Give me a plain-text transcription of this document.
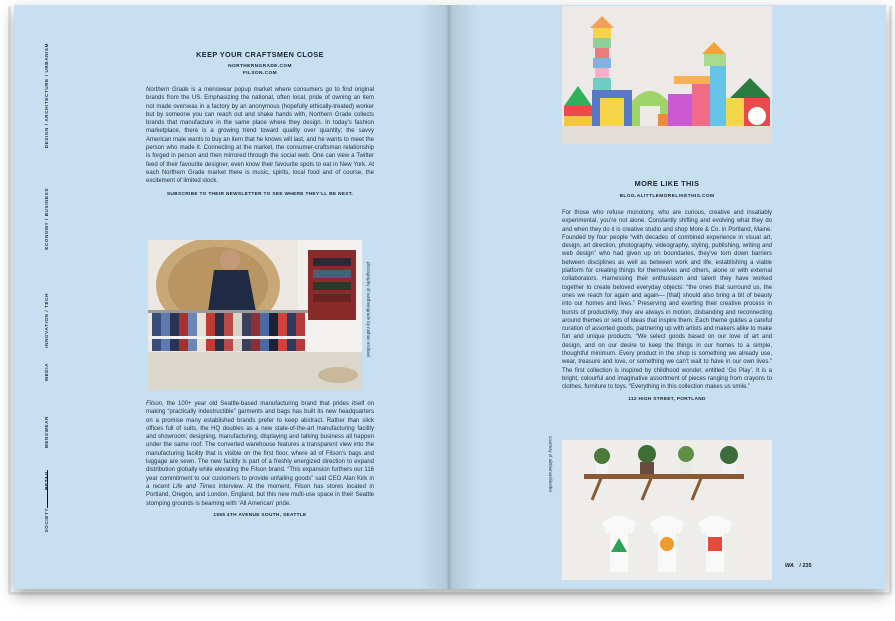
SOCIETY
MENSWEAR
MEDIA
INNOVATION / TECH
ECONOMY / BUSINESS
DESIGN / ARCHITECTURE / URBANISM	KEEP YOUR CRAFTSMEN CLOSE
NORTHERNGRADE.COM
FILSON.COM

Northern Grade is a menswear popup market where consumers go to find original brands from the US. Emphasizing the national, often local, pride of owning an item not made overseas in a factory by an anonymous (hopefully ethically-treated) worker but by someone you can reach out and shake hands with, Northern Grade collects brands that manufacture in the same place where they design. In today’s fashion marketplace, there is a growing trend toward quality over quantity; the savvy American male wants to buy an item that he knows will last, and he wants to meet the person who made it. Connecting at the market, the consumer-craftsman relationship is forged in person and then mirrored through the social web. One can view a Twitter feed of their favourite designer, even know their favourite spots to eat in New York. At each Northern Grade market there is music, spirits, local food and of course, the excitement of limited stock.

SUBSCRIBE TO THEIR NEWSLETTER TO SEE WHERE THEY’LL BE NEXT.
photography of northerngrade by nathan michael

Filson, the 100+ year old Seattle-based manufacturing brand that prides itself on making “practically indestructible” garments and bags has built its new headquarters on a promise many established brands prefer to keep abstract. Rather than slick offices full of suits, the HQ doubles as a new state-of-the-art manufacturing facility and showroom; designing, manufacturing, displaying and talking business all happen under the same roof. The converted warehouse features a transparent view into the manufacturing facility that is visible on the first floor, where all of Filson’s bags and luggage are sewn. The new facility is part of a freshly energized direction to expand distribution globally while elevating the Filson brand. “This expansion furthers our 116 year commitment to our customers to provide unfailing goods” said CEO Alan Kirk in a recent Life and Times interview. At the moment, Filson has stores located in Portland, Oregon, and London, England, but this new multi-use space in their Seattle stomping grounds is beaming with ‘All American’ pride.

1555 4TH AVENUE SOUTH, SEATTLE
MORE LIKE THIS
BLOG.ALITTLEMORELIKETHIS.COM

For those who refuse monotony, who are curious, creative and insatiably experimental, you’re not alone. Constantly shifting and evolving what they do and when they do it is creative studio and shop More & Co. in Portland, Maine. Founded by four people “with decades of combined experience in visual art, design, art direction, photography, videography, styling, publishing, writing and web design” who had given up on boundaries, they’ve torn down barriers between disciplines as well as between work and life, establishing a viable platform for creating things for themselves and others, alone or with external collaborators. Harnessing their enthusiasm and talent they have worked together to create beloved everyday objects: “the ones that surround us, the ones we reach for again and again— [that] should also bring a bit of beauty into our homes and lives.” Preserving and exerting their creative process in bursts of productivity, they are always in motion, disbanding and reconnecting around themes or sets of ideas that inspire them. Each theme guides a careful curation of assorted goods, partnering up with artists and makers alike to make fun and unique products. “We select goods based on our love of art and design, and on our desire to keep the things in our homes to a simple, thoughtful minimum. Every product in the shop is something we already use, wear, treasure and love, or something we can’t wait to have in our own lives.” The first collection is inspired by childhood wonder, entitled ‘Go Play’. It is a bright, colourful and imaginative assortment of pieces ranging from crayons to clothes, furniture to toys. “Everything in this collection makes us smile.”

112 HIGH STREET, PORTLAND
courtesy of alittlemorelikethis
WA / 235
